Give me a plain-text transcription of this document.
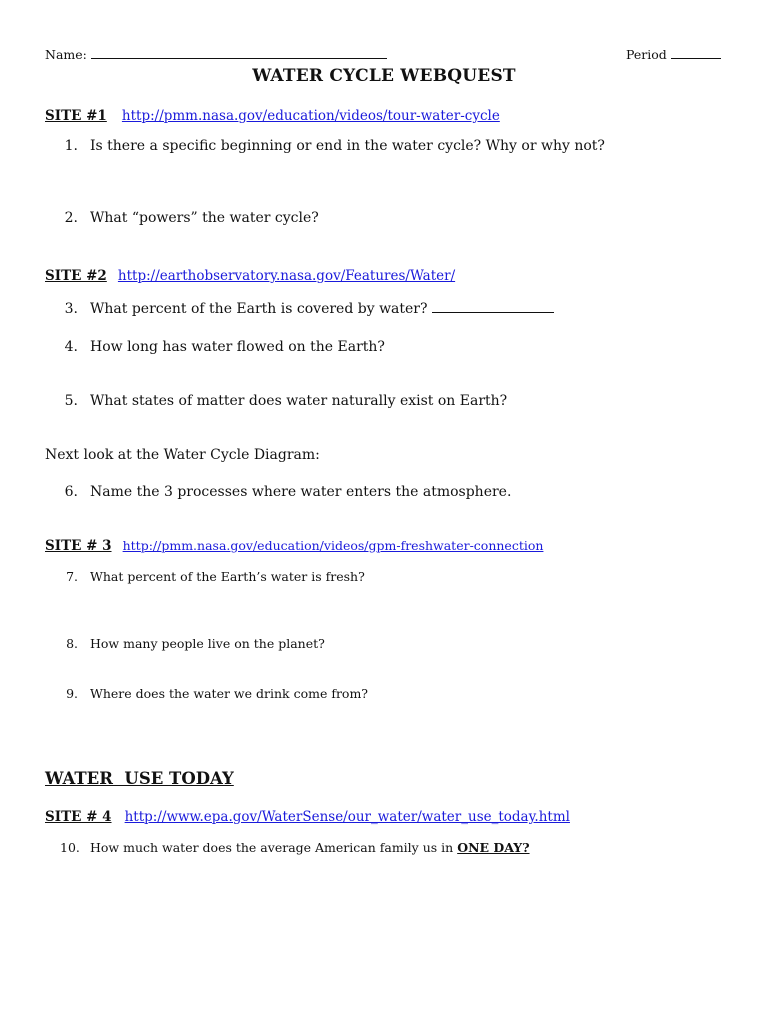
Name:	Period
WATER CYCLE WEBQUEST
SITE #1 http://pmm.nasa.gov/education/videos/tour-water-cycle
1. Is there a specific beginning or end in the water cycle? Why or why not?
2. What “powers” the water cycle?
SITE #2 http://earthobservatory.nasa.gov/Features/Water/
3. What percent of the Earth is covered by water?
4. How long has water flowed on the Earth?
5. What states of matter does water naturally exist on Earth?
Next look at the Water Cycle Diagram:
6. Name the 3 processes where water enters the atmosphere.
SITE # 3 http://pmm.nasa.gov/education/videos/gpm-freshwater-connection
7. What percent of the Earth’s water is fresh?
8. How many people live on the planet?
9. Where does the water we drink come from?
WATER  USE TODAY
SITE # 4 http://www.epa.gov/WaterSense/our_water/water_use_today.html
10. How much water does the average American family us in ONE DAY?
